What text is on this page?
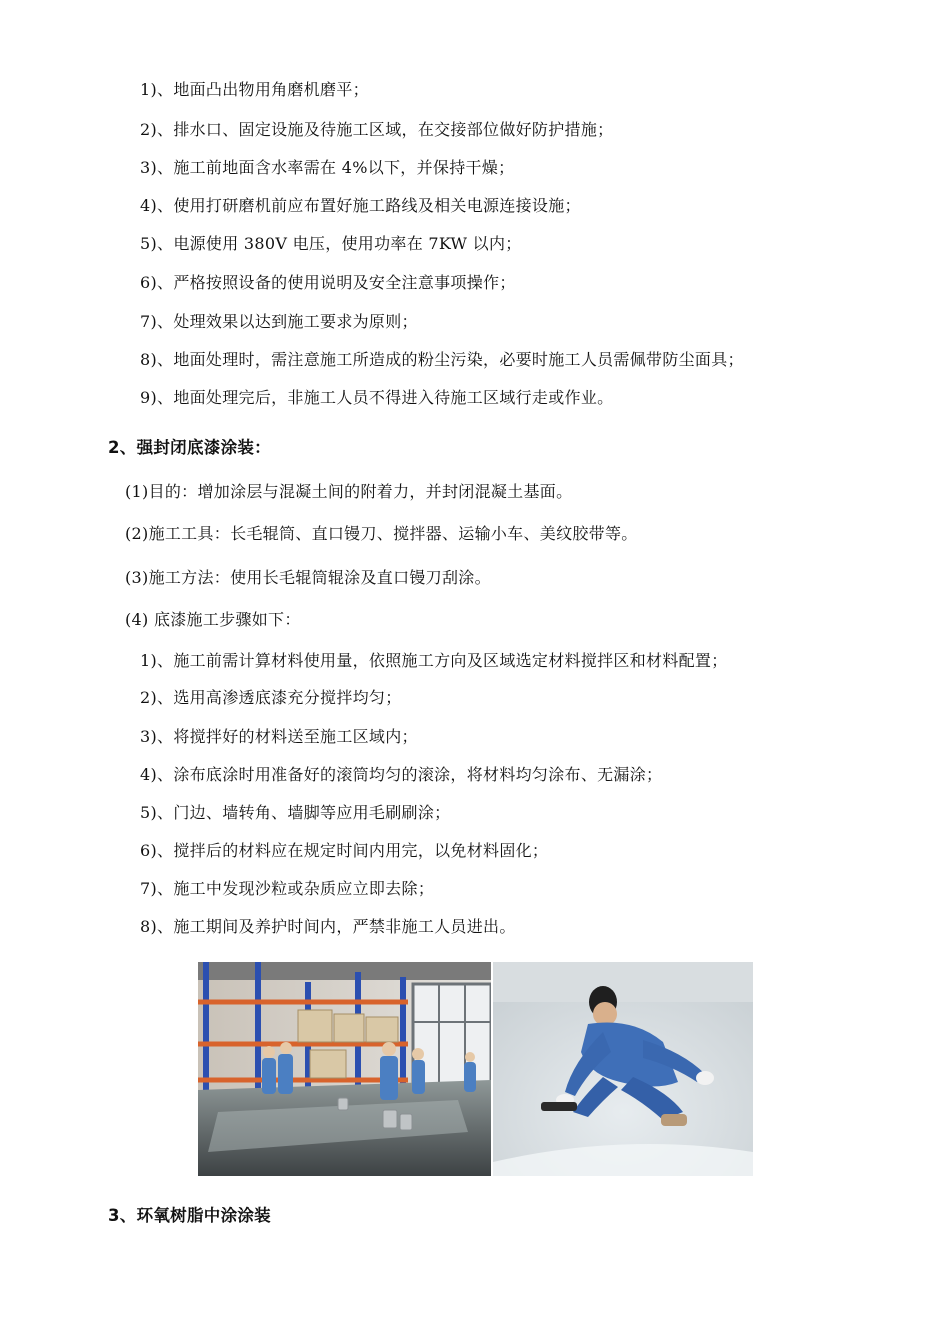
1)、地面凸出物用角磨机磨平；
2)、排水口、固定设施及待施工区域，在交接部位做好防护措施；
3)、施工前地面含水率需在 4%以下，并保持干燥；
4)、使用打研磨机前应布置好施工路线及相关电源连接设施；
5)、电源使用 380V 电压，使用功率在 7KW 以内；
6)、严格按照设备的使用说明及安全注意事项操作；
7)、处理效果以达到施工要求为原则；
8)、地面处理时，需注意施工所造成的粉尘污染，必要时施工人员需佩带防尘面具；
9)、地面处理完后，非施工人员不得进入待施工区域行走或作业。
2、强封闭底漆涂装：
(1)目的：增加涂层与混凝土间的附着力，并封闭混凝土基面。
(2)施工工具：长毛辊筒、直口镘刀、搅拌器、运输小车、美纹胶带等。
(3)施工方法：使用长毛辊筒辊涂及直口镘刀刮涂。
(4) 底漆施工步骤如下：
1)、施工前需计算材料使用量，依照施工方向及区域选定材料搅拌区和材料配置；
2)、选用高渗透底漆充分搅拌均匀；
3)、将搅拌好的材料送至施工区域内；
4)、涂布底涂时用准备好的滚筒均匀的滚涂，将材料均匀涂布、无漏涂；
5)、门边、墙转角、墙脚等应用毛刷刷涂；
6)、搅拌后的材料应在规定时间内用完，以免材料固化；
7)、施工中发现沙粒或杂质应立即去除；
8)、施工期间及养护时间内，严禁非施工人员进出。
3、环氧树脂中涂涂装
